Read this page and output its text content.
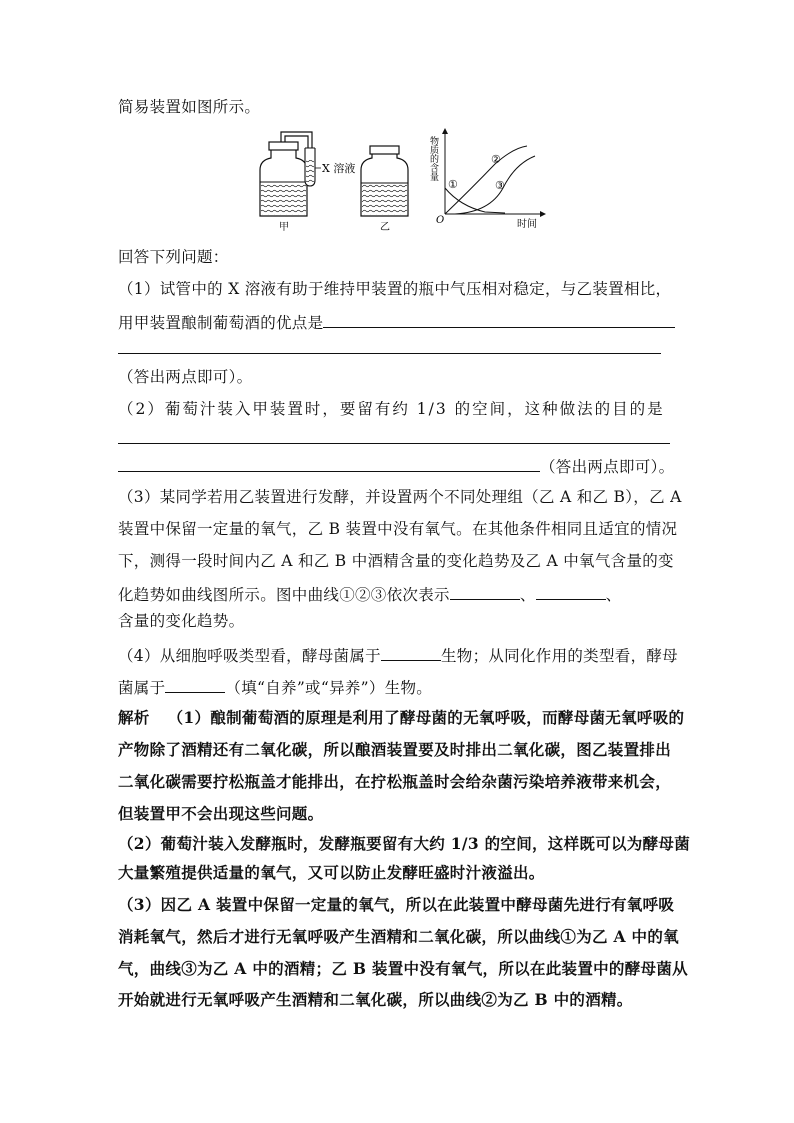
简易装置如图所示。
X 溶液
甲	乙
O	时间
物质的含量
①
②
③
回答下列问题：
（1）试管中的 X 溶液有助于维持甲装置的瓶中气压相对稳定，与乙装置相比，
用甲装置酿制葡萄酒的优点是
（答出两点即可）。
（2）葡萄汁装入甲装置时，要留有约 1/3 的空间，这种做法的目的是
（答出两点即可）。
（3）某同学若用乙装置进行发酵，并设置两个不同处理组（乙 A 和乙 B），乙 A
装置中保留一定量的氧气，乙 B 装置中没有氧气。在其他条件相同且适宜的情况
下，测得一段时间内乙 A 和乙 B 中酒精含量的变化趋势及乙 A 中氧气含量的变
化趋势如曲线图所示。图中曲线①②③依次表示	、	、
含量的变化趋势。
（4）从细胞呼吸类型看，酵母菌属于	生物；从同化作用的类型看，酵母
菌属于	（填“自养”或“异养”）生物。
解析 （1）酿制葡萄酒的原理是利用了酵母菌的无氧呼吸，而酵母菌无氧呼吸的
产物除了酒精还有二氧化碳，所以酿酒装置要及时排出二氧化碳，图乙装置排出
二氧化碳需要拧松瓶盖才能排出，在拧松瓶盖时会给杂菌污染培养液带来机会，
但装置甲不会出现这些问题。
（2）葡萄汁装入发酵瓶时，发酵瓶要留有大约 1/3 的空间，这样既可以为酵母菌
大量繁殖提供适量的氧气，又可以防止发酵旺盛时汁液溢出。
（3）因乙 A 装置中保留一定量的氧气，所以在此装置中酵母菌先进行有氧呼吸
消耗氧气，然后才进行无氧呼吸产生酒精和二氧化碳，所以曲线①为乙 A 中的氧
气，曲线③为乙 A 中的酒精；乙 B 装置中没有氧气，所以在此装置中的酵母菌从
开始就进行无氧呼吸产生酒精和二氧化碳，所以曲线②为乙 B 中的酒精。
